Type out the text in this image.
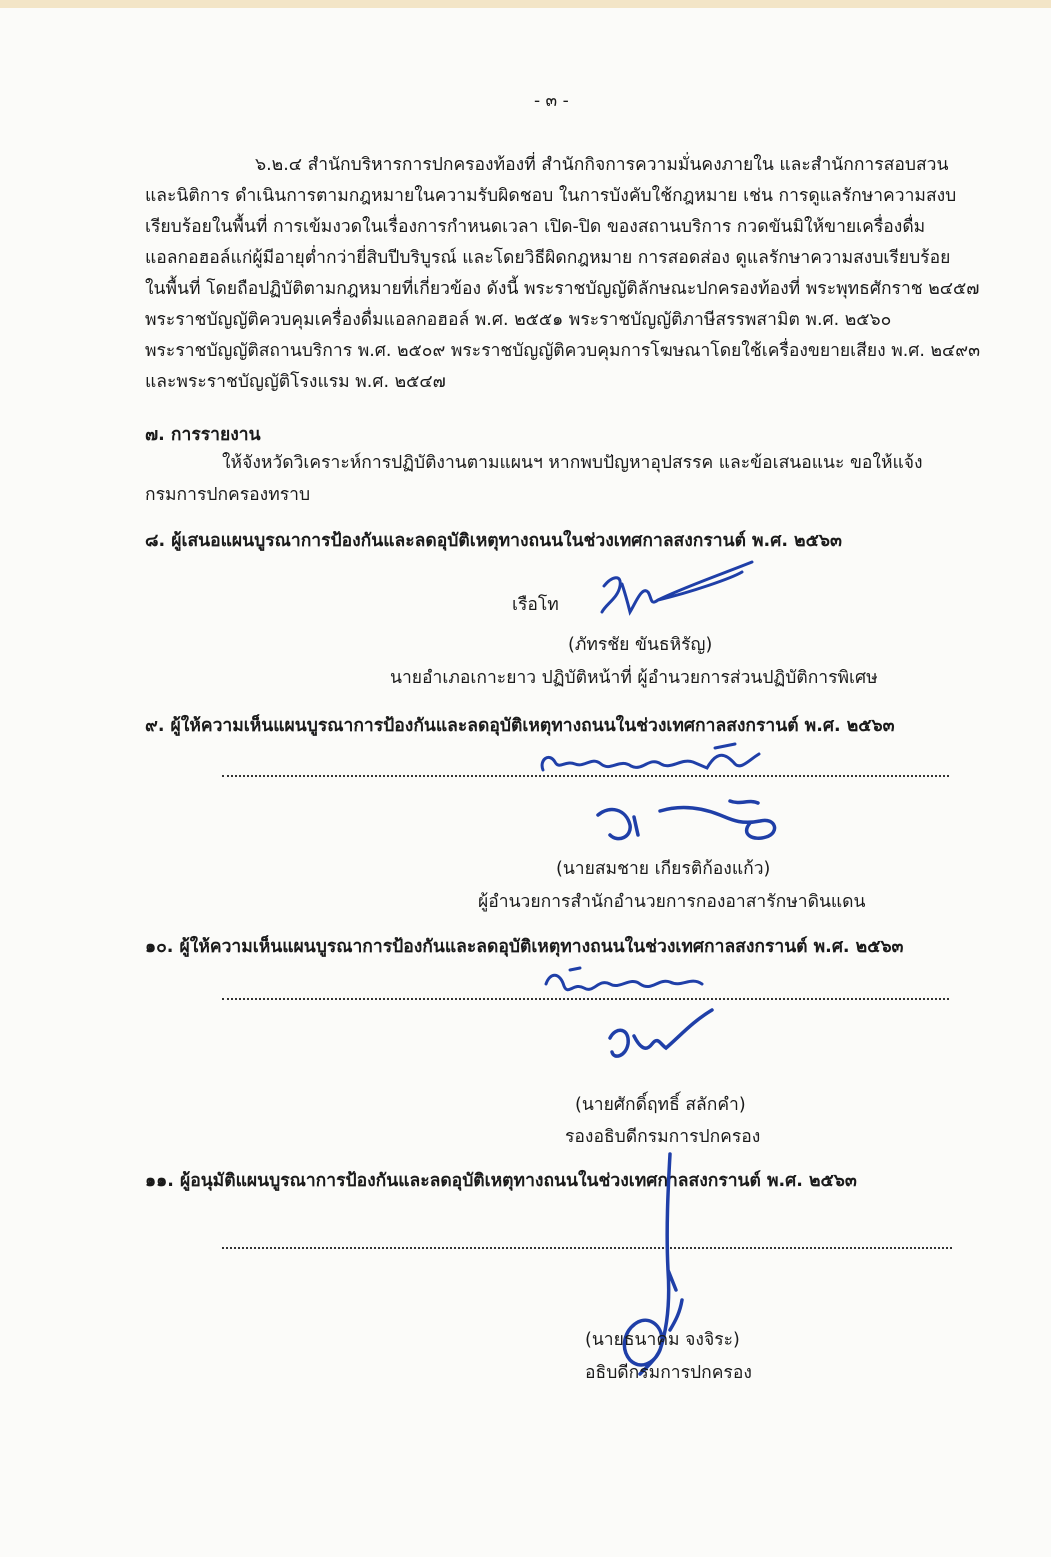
- ๓ -
๖.๒.๔ สำนักบริหารการปกครองท้องที่ สำนักกิจการความมั่นคงภายใน และสำนักการสอบสวน
และนิติการ ดำเนินการตามกฎหมายในความรับผิดชอบ ในการบังคับใช้กฎหมาย เช่น การดูแลรักษาความสงบ
เรียบร้อยในพื้นที่ การเข้มงวดในเรื่องการกำหนดเวลา เปิด-ปิด ของสถานบริการ กวดขันมิให้ขายเครื่องดื่ม
แอลกอฮอล์แก่ผู้มีอายุต่ำกว่ายี่สิบปีบริบูรณ์ และโดยวิธีผิดกฎหมาย การสอดส่อง ดูแลรักษาความสงบเรียบร้อย
ในพื้นที่ โดยถือปฏิบัติตามกฎหมายที่เกี่ยวข้อง ดังนี้ พระราชบัญญัติลักษณะปกครองท้องที่ พระพุทธศักราช ๒๔๕๗
พระราชบัญญัติควบคุมเครื่องดื่มแอลกอฮอล์ พ.ศ. ๒๕๕๑ พระราชบัญญัติภาษีสรรพสามิต พ.ศ. ๒๕๖๐
พระราชบัญญัติสถานบริการ พ.ศ. ๒๕๐๙ พระราชบัญญัติควบคุมการโฆษณาโดยใช้เครื่องขยายเสียง พ.ศ. ๒๔๙๓
และพระราชบัญญัติโรงแรม พ.ศ. ๒๕๔๗
๗. การรายงาน
ให้จังหวัดวิเคราะห์การปฏิบัติงานตามแผนฯ หากพบปัญหาอุปสรรค และข้อเสนอแนะ ขอให้แจ้ง
กรมการปกครองทราบ
๘. ผู้เสนอแผนบูรณาการป้องกันและลดอุบัติเหตุทางถนนในช่วงเทศกาลสงกรานต์ พ.ศ. ๒๕๖๓
เรือโท
(ภัทรชัย ขันธหิรัญ)
นายอำเภอเกาะยาว ปฏิบัติหน้าที่ ผู้อำนวยการส่วนปฏิบัติการพิเศษ
๙. ผู้ให้ความเห็นแผนบูรณาการป้องกันและลดอุบัติเหตุทางถนนในช่วงเทศกาลสงกรานต์ พ.ศ. ๒๕๖๓
(นายสมชาย เกียรติก้องแก้ว)
ผู้อำนวยการสำนักอำนวยการกองอาสารักษาดินแดน
๑๐. ผู้ให้ความเห็นแผนบูรณาการป้องกันและลดอุบัติเหตุทางถนนในช่วงเทศกาลสงกรานต์ พ.ศ. ๒๕๖๓
(นายศักดิ์ฤทธิ์ สลักคำ)
รองอธิบดีกรมการปกครอง
๑๑. ผู้อนุมัติแผนบูรณาการป้องกันและลดอุบัติเหตุทางถนนในช่วงเทศกาลสงกรานต์ พ.ศ. ๒๕๖๓
(นายธนาคม จงจิระ)
อธิบดีกรมการปกครอง
